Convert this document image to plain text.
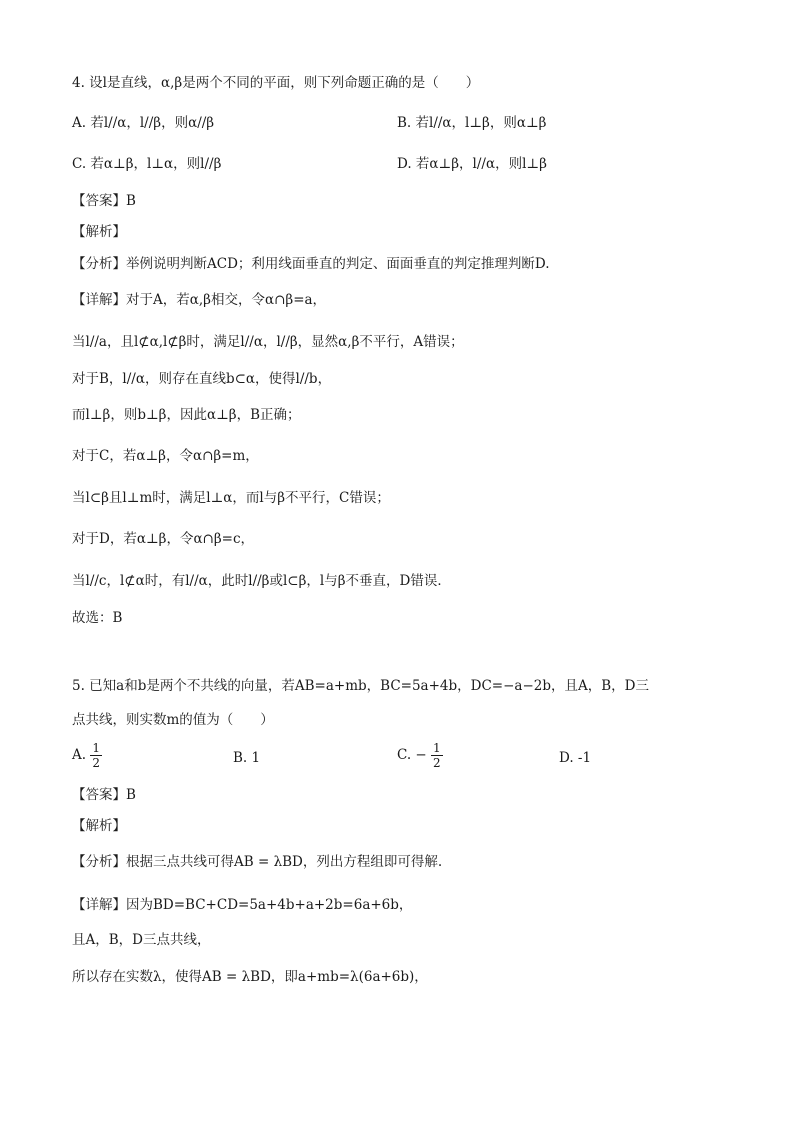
4. 设l是直线，α,β是两个不同的平面，则下列命题正确的是（　　）
A. 若l//α，l//β，则α//β	B. 若l//α，l⊥β，则α⊥β
C. 若α⊥β，l⊥α，则l//β	D. 若α⊥β，l//α，则l⊥β
【答案】B
【解析】
【分析】举例说明判断ACD；利用线面垂直的判定、面面垂直的判定推理判断D.
【详解】对于A，若α,β相交，令α∩β=a，
当l//a，且l⊄α,l⊄β时，满足l//α，l//β，显然α,β不平行，A错误；
对于B，l//α，则存在直线b⊂α，使得l//b，
而l⊥β，则b⊥β，因此α⊥β，B正确；
对于C，若α⊥β，令α∩β=m，
当l⊂β且l⊥m时，满足l⊥α，而l与β不平行，C错误；
对于D，若α⊥β，令α∩β=c，
当l//c，l⊄α时，有l//α，此时l//β或l⊂β，l与β不垂直，D错误．
故选：B
5. 已知a和b是两个不共线的向量，若AB=a+mb，BC=5a+4b，DC=−a−2b，且A，B，D三
点共线，则实数m的值为（　　）
A. $\frac{1}{2}$	B. 1	C. − $\frac{1}{2}$	D. -1
【答案】B
【解析】
【分析】根据三点共线可得AB = λBD，列出方程组即可得解.
【详解】因为BD=BC+CD=5a+4b+a+2b=6a+6b，
且A，B，D三点共线，
所以存在实数λ，使得AB = λBD，即a+mb=λ(6a+6b)，
